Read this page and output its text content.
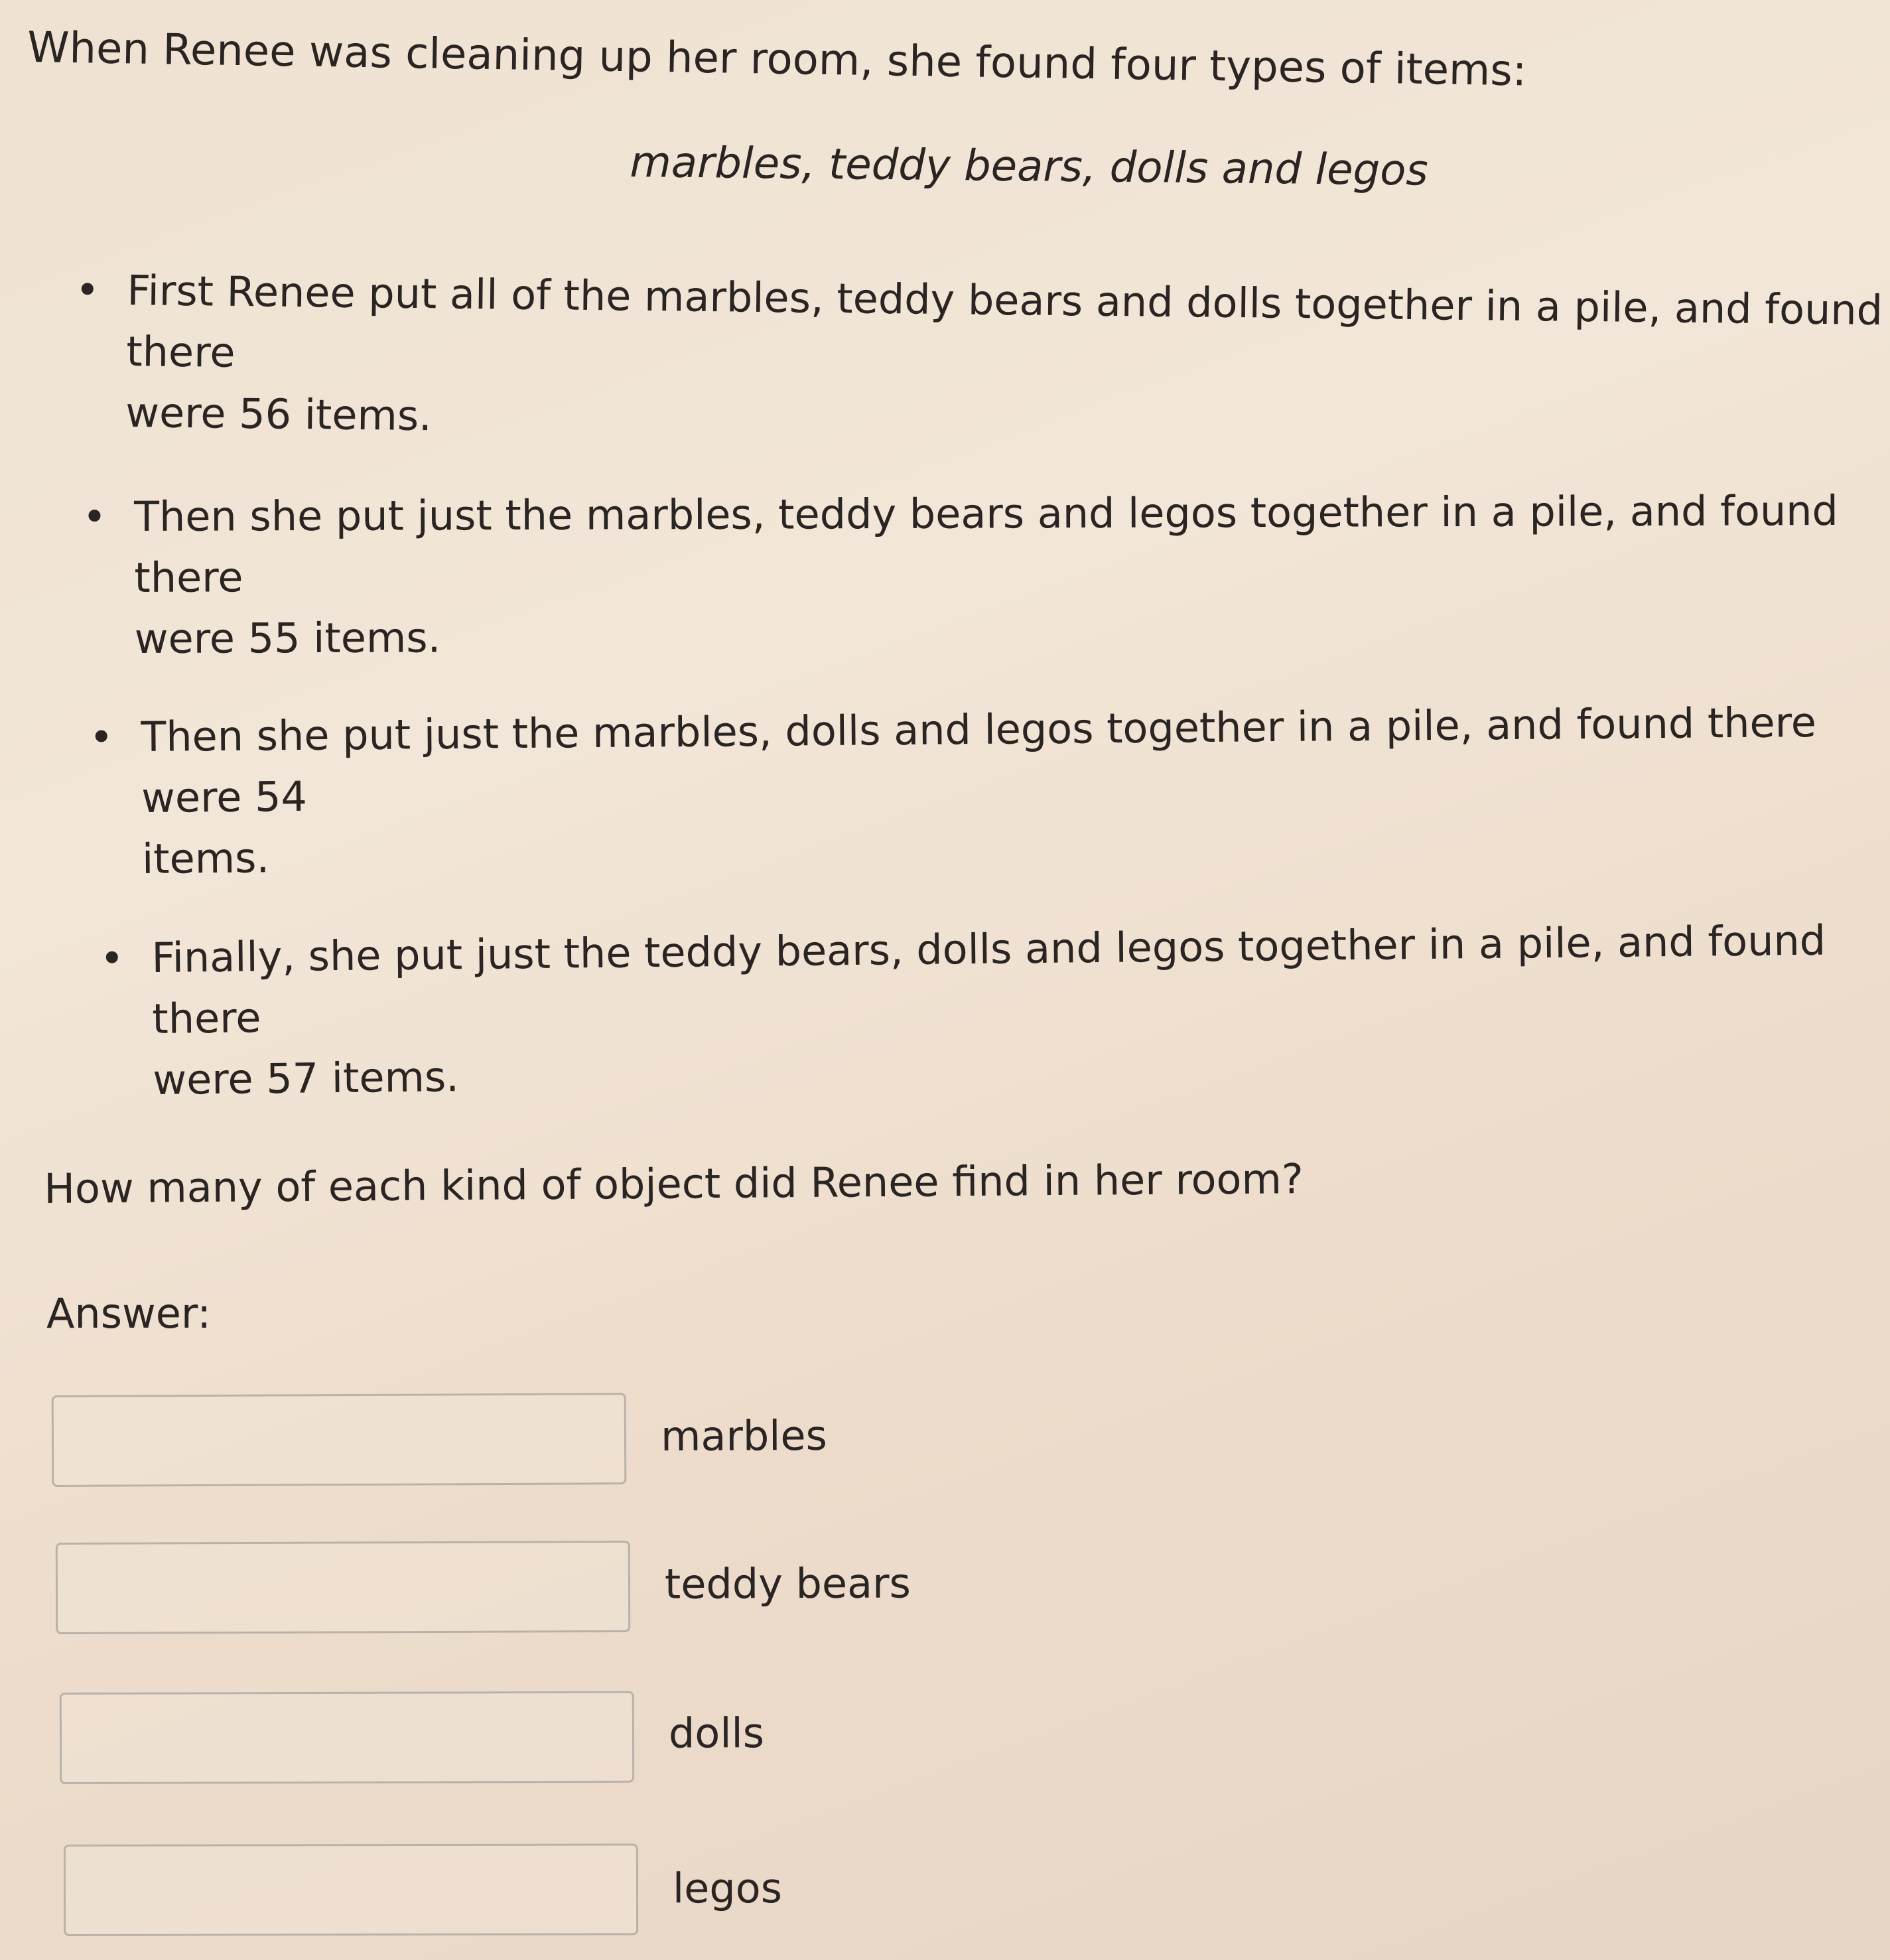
When Renee was cleaning up her room, she found four types of items:
marbles, teddy bears, dolls and legos
• First Renee put all of the marbles, teddy bears and dolls together in a pile, and found there
were 56 items.
• Then she put just the marbles, teddy bears and legos together in a pile, and found there
were 55 items.
• Then she put just the marbles, dolls and legos together in a pile, and found there were 54
items.
• Finally, she put just the teddy bears, dolls and legos together in a pile, and found there
were 57 items.
How many of each kind of object did Renee find in her room?
Answer:
marbles
teddy bears
dolls
legos
